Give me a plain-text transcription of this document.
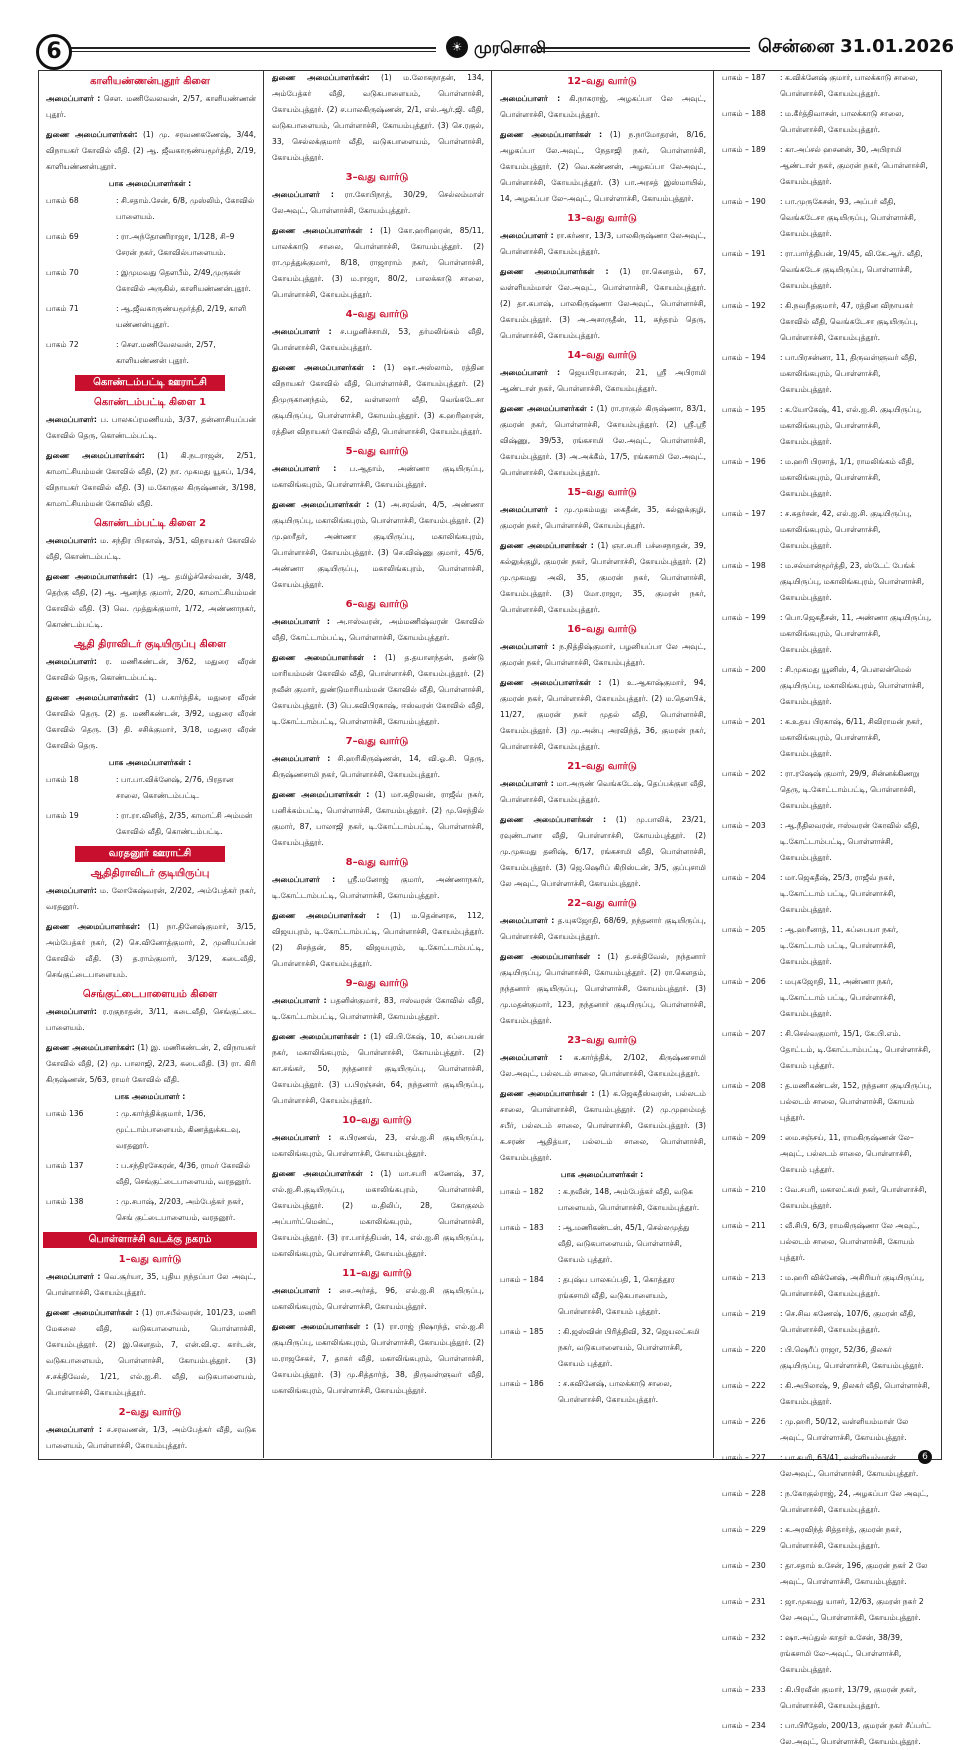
6	☀ முரசொலி	சென்னை 31.01.2026
காளியண்ணன்புதூர் கிளை

அமைப்பாளர் : சௌ. மணிவேலவன், 2/57, காளியண்ணன் புதூர்.

துணை அமைப்பாளர்கள்: (1) மு. சரவணகணேஷ், 3/44, விநாயகர் கோவில் வீதி. (2) ஆ. ஜீவகாருண்யமூர்த்தி, 2/19, காளியண்ணன்புதூர்.

பாக அமைப்பாளர்கள் :
பாகம் 68	: சி.சதாம்.சேன், 6/8, முஸ்லிம், கோவில் பாளையம்.
பாகம் 69	: ரா.அந்தோணிராஜா, 1/128, சி–9 சேரன் நகர், கோவில்பாளையம்.
பாகம் 70	: இமுமவது தௌபீம், 2/49,முருகன் கோவில் அருகில், காளியண்ணன்புதூர்.
பாகம் 71	: ஆ.ஜீவகாருண்யமூர்த்தி, 2/19, காளி யண்ணன்புதூர்.
பாகம் 72	: சௌ.மணிவேலவன், 2/57, காளியண்ணன் புதூர்.
கொண்டம்பட்டி ஊராட்சி
கொண்டம்பட்டி கிளை 1

அமைப்பாளர்: ப. பாலசுப்ரமணியம், 3/37, தன்னாசியப்பன் கோவில் தெரு, கொண்டம்பட்டி.

துணை அமைப்பாளர்கள்: (1) கி.நடராஜன், 2/51, காமாட்சியம்மன் கோவில் வீதி, (2) நா. முகமது யூசுப், 1/34, விநாயகர் கோவில் வீதி. (3) ம.கோகுல கிருஷ்ணன், 3/198, காமாட்சியம்மன் கோவில் வீதி.

கொண்டம்பட்டி கிளை 2

அமைப்பாளர்: ம. சந்திர பிரகாஷ், 3/51, விநாயகர் கோவில் வீதி, கொண்டம்பட்டி.

துணை அமைப்பாளர்கள்: (1) ஆ. தமிழ்ச்செல்வன், 3/48, தெற்கு வீதி, (2) ஆ. ஆனந்த குமார், 2/20, காமாட்சியம்மன் கோவில் வீதி. (3) வெ. முத்துக்குமார், 1/72, அண்ணாநகர், கொண்டம்பட்டி.

ஆதி திராவிடர் குடியிருப்பு கிளை

அமைப்பாளர்: ர. மணிகண்டன், 3/62, மதுரை வீரன் கோவில் தெரு, கொண்டம்பட்டி.

துணை அமைப்பாளர்கள்: (1) ப.கார்த்திக், மதுரை வீரன் கோவில் தெரு. (2) த. மணிகண்டன், 3/92, மதுரை வீரன் கோவில் தெரு. (3) தி. சசிக்குமார், 3/18, மதுரை வீரன் கோவில் தெரு.

பாக அமைப்பாளர்கள் :
பாகம் 18	: பா.பா.விக்னேஷ், 2/76, பிரதான சாலை, கொண்டம்பட்டி.
பாகம் 19	: ரா.ரா.வினித், 2/35, காமாட்சி அம்மன் கோவில் வீதி, கொண்டம்பட்டி.
வரதனூர் ஊராட்சி
ஆதிதிராவிடர் குடியிருப்பு

அமைப்பாளர்: ம. லோகேஷ்வரன், 2/202, அம்பேத்கர் நகர், வரதனூர்.

துணை அமைப்பாளர்கள்: (1) நா.தினேஷ்குமார், 3/15, அம்பேத்கர் நகர், (2) செ.வினோத்குமார், 2, முனியப்பன் கோவில் வீதி. (3) த.ராம்குமார், 3/129, கடைவீதி, செங்குட்டைபாளையம்.

செங்குட்டைபாளையம் கிளை

அமைப்பாளர்: ர.ரகுநாதன், 3/11, கடைவீதி, செங்குட்டை பாளையம்.

துணை அமைப்பாளர்கள்: (1) இ. மணிகண்டன், 2, விநாயகர் கோவில் வீதி, (2) மு. பாலாஜி, 2/23, கடைவீதி. (3) ரா. கிரி கிருஷ்ணன், 5/63, ராமர் கோவில் வீதி.

பாக அமைப்பாளர் :
பாகம் 136	: மு.கார்த்திக்குமார், 1/36, மூட்டாம்பாளையம், கிணத்துக்கடவு, வரதனூர்.
பாகம் 137	: ப.சந்திரசேகரன், 4/36, ராமர் கோவில் வீதி, செங்குட்டைபாளையம், வரதனூர்.
பாகம் 138	: மு.சபாஷ், 2/203, அம்பேத்கர் நகர், செங் குட்டைபாளையம், வரதனூர்.
பொள்ளாச்சி வடக்கு நகரம்
1–வது வார்டு

அமைப்பாளர் : வெ.சூர்யா, 35, புதிய நந்தப்பா லே அவுட், பொள்ளாச்சி, கோயம்புத்தூர்.

துணை அமைப்பாளர்கள் : (1) ரா.சபீல்வரன், 101/23, மணி மேகலை வீதி, வடுகபாளையம், பொள்ளாச்சி, கோயம்புத்தூர். (2) இ.கௌதம், 7, என்.வி.ஏ. கார்டன், வடுகபாளையம், பொள்ளாச்சி, கோயம்புத்தூர். (3) ச.சக்திவேல், 1/21, எல்.ஐ.சி. வீதி, வடுகபாளையம், பொள்ளாச்சி, கோயம்புத்தூர்.

2–வது வார்டு

அமைப்பாளர் : ச.சரவணன், 1/3, அம்பேத்கர் வீதி, வடுக பாளையம், பொள்ளாச்சி, கோயம்புத்தூர்.

துணை அமைப்பாளர்கள்: (1) ம.லோகநாதன், 134, அம்பேத்கர் வீதி, வடுகபாளையம், பொள்ளாச்சி, கோயம்புத்தூர். (2) ச.பாலகிருஷ்ணன், 2/1, எல்.ஆர்.ஜி. வீதி, வடுகபாளையம், பொள்ளாச்சி, கோயம்புத்தூர். (3) செ.ரகுல், 33, செல்லக்குமார் வீதி, வடுகபாளையம், பொள்ளாச்சி, கோயம்புத்தூர்.

3–வது வார்டு

அமைப்பாளர் : ரா.கோபிநாத், 30/29, செல்லம்மாள் லேஅவுட், பொள்ளாச்சி, கோயம்புத்தூர்.

துணை அமைப்பாளர்கள் : (1) கோ.ஹரிஹரன், 85/11, பாலக்காடு சாலை, பொள்ளாச்சி, கோயம்புத்தூர். (2) ரா.முத்துக்குமார், 8/18, ராஜாராம் நகர், பொள்ளாச்சி, கோயம்புத்தூர். (3) ம.ராஜா, 80/2, பாலக்காடு சாலை, பொள்ளாச்சி, கோயம்புத்தூர்.

4–வது வார்டு

அமைப்பாளர் : ச.பழனிச்சாமி, 53, தர்மலிங்கம் வீதி, பொள்ளாச்சி, கோயம்புத்தூர்.

துணை அமைப்பாளர்கள் : (1) ஷா.அஸ்லாம், ரத்தின விநாயகர் கோவில் வீதி, பொள்ளாச்சி, கோயம்புத்தூர். (2) திமுருகானந்தம், 62, வள்ளலார் வீதி, வெங்கடேசா குடியிருப்பு, பொள்ளாச்சி, கோயம்புத்தூர். (3) க.ஹரிஹரன், ரத்தின விநாயகர் கோவில் வீதி, பொள்ளாச்சி, கோயம்புத்தூர்.

5–வது வார்டு

அமைப்பாளர் : ப.ஆதாம், அண்ணா குடியிருப்பு, மகாலிங்கபுரம், பொள்ளாச்சி, கோயம்புத்தூர்.

துணை அமைப்பாளர்கள் : (1) அ.சரவ்ன், 4/5, அண்ணா குடியிருப்பு, மகாலிங்கபுரம், பொள்ளாச்சி, கோயம்புத்தூர். (2) மு.ஹரீதர், அண்ணா குடியிருப்பு, மகாலிங்கபுரம், பொள்ளாச்சி, கோயம்புத்தூர். (3) செ.விஷ்ணு குமார், 45/6, அண்ணா குடியிருப்பு, மகாலிங்கபுரம், பொள்ளாச்சி, கோயம்புத்தூர்.

6–வது வார்டு

அமைப்பாளர் : அ.ஈஸ்வரன், அம்மணிஷ்வரன் கோவில் வீதி, கோட்டாம்பட்டி, பொள்ளாச்சி, கோயம்புத்தூர்.

துணை அமைப்பாளர்கள் : (1) த.தயாளந்தன், தண்டு மாரியம்மன் கோவில் வீதி, பொள்ளாச்சி, கோயம்புத்தூர். (2) நவீன் குமார், துண்டுமாரியம்மன் கோவில் வீதி, பொள்ளாச்சி, கோயம்புத்தூர். (3) பெ.கவிபிரகாஷ், ஈஸ்வரன் கோவில் வீதி, டி.கோட்டாம்பட்டி, பொள்ளாச்சி, கோயம்புத்தூர்.

7–வது வார்டு

அமைப்பாளர் : சி.ஹரிகிருஷ்ணன், 14, வி.ஓ.சி. தெரு, கிருஷ்ணசாமி நகர், பொள்ளாச்சி, கோயம்புத்தூர்.

துணை அமைப்பாளர்கள் : (1) மா.கதிரவன், ராஜீவ் நகர், பனிக்கம்பட்டி, பொள்ளாச்சி, கோயம்புத்தூர். (2) மு.செந்தில் குமார், 87, பாலாஜி நகர், டி.கோட்டாம்பட்டி, பொள்ளாச்சி, கோயம்புத்தூர்.

8–வது வார்டு

அமைப்பாளர் : ஸ்ரீ.மனோஜ் குமார், அண்ணாநகர், டி.கோட்டாம்பட்டி, பொள்ளாச்சி, கோயம்புத்தூர்.

துணை அமைப்பாளர்கள் : (1) ம.தென்னரசு, 112, விஜயபுரம், டி.கோட்டாம்பட்டி, பொள்ளாச்சி, கோயம்புத்தூர். (2) சிசந்தன், 85, விஜயபுரம், டி.கோட்டாம்பட்டி, பொள்ளாச்சி, கோயம்புத்தூர்.

9–வது வார்டு

அமைப்பாளர் : பதனின்குமார், 83, ஈஸ்வரன் கோவில் வீதி, டி.கோட்டாம்பட்டி, பொள்ளாச்சி, கோயம்புத்தூர்.

துணை அமைப்பாளர்கள் : (1) வி.பி.கேஷ், 10, சுப்பையன் நகர், மகாலிங்கபுரம், பொள்ளாச்சி, கோயம்புத்தூர். (2) கா.சங்கர், 50, நந்தனார் குடியிருப்பு, பொள்ளாச்சி, கோயம்புத்தூர். (3) ப.பிரஞ்சன், 64, நந்தனார் குடியிருப்பு, பொள்ளாச்சி, கோயம்புத்தூர்.

10–வது வார்டு

அமைப்பாளர் : க.பிரணவ், 23, எல்.ஐ.சி குடியிருப்பு, மகாலிங்கபுரம், பொள்ளாச்சி, கோயம்புத்தூர்.

துணை அமைப்பாளர்கள் : (1) மா.சபரி கணேஷ், 37, எல்.ஐ.சி.குடியிருப்பு, மகாலிங்கபுரம், பொள்ளாச்சி, கோயம்புத்தூர். (2) ம.திலிப், 28, கோகுலம் அப்பார்ட்மென்ட், மகாலிங்கபுரம், பொள்ளாச்சி, கோயம்புத்தூர். (3) ரா.பார்த்திபன், 14, எல்.ஐ.சி குடியிருப்பு, மகாலிங்கபுரம், பொள்ளாச்சி, கோயம்புத்தூர்.

11–வது வார்டு

அமைப்பாளர் : சை.அர்சத், 96, எல்.ஐ.சி குடியிருப்பு, மகாலிங்கபுரம், பொள்ளாச்சி, கோயம்புத்தூர்.

துணை அமைப்பாளர்கள் : (1) ரா.ராஜ் நிஷாந்த், எல்.ஐ.சி குடியிருப்பு, மகாலிங்கபுரம், பொள்ளாச்சி, கோயம்புத்தூர். (2) ம.ராஜசேகர், 7, தாசுர் வீதி, மகாலிங்கபுரம், பொள்ளாச்சி, கோயம்புத்தூர். (3) மு.சித்தார்த், 38, திருவள்ளுவர் வீதி, மகாலிங்கபுரம், பொள்ளாச்சி, கோயம்புத்தூர்.

12–வது வார்டு

அமைப்பாளர் : கி.நாகராஜ், அழகப்பா லே அவுட், பொள்ளாச்சி, கோயம்புத்தூர்.

துணை அமைப்பாளர்கள் : (1) ந.நாமோதரன், 8/16, அழகப்பா லே.அவுட், நேதாஜி நகர், பொள்ளாச்சி, கோயம்புத்தூர். (2) வெ.கண்ணன், அழகப்பா லேஅவுட், பொள்ளாச்சி, கோயம்புத்தூர். (3) பா.அரசத் இஸ்மாயில், 14, அழகப்பா லே–அவுட், பொள்ளாச்சி, கோயம்புத்தூர்.

13–வது வார்டு

அமைப்பாளர் : ரா.கர்ணா, 13/3, பாலகிருஷ்ணா லேஅவுட், பொள்ளாச்சி, கோயம்புத்தூர்.

துணை அமைப்பாளர்கள் : (1) ரா.கௌதம், 67, வள்ளியம்மாள் லே.அவுட், பொள்ளாச்சி, கோயம்புத்தூர். (2) தா.கபாஷ், பாலகிருஷ்ணா லேஅவுட், பொள்ளாச்சி, கோயம்புத்தூர். (3) அ.அசாருதீன், 11, சுந்தரம் தெரு, பொள்ளாச்சி, கோயம்புத்தூர்.

14–வது வார்டு

அமைப்பாளர் : ஜெயபிரபாகரன், 21, ஸ்ரீ அபிராமி ஆண்டாள் நகர், பொள்ளாச்சி, கோயம்புத்தூர்.

துணை அமைப்பாளர்கள் : (1) ரா.ராகுல் கிருஷ்ணா, 83/1, குமரன் நகர், பொள்ளாச்சி, கோயம்புத்தூர். (2) ஸ்ரீ.ஸ்ரீ விஷ்ணு, 39/53, ரங்கசாமி லே.அவுட், பொள்ளாச்சி, கோயம்புத்தூர். (3) அ.அக்கீம், 17/5, ரங்கசாமி லே.அவுட், பொள்ளாச்சி, கோயம்புத்தூர்.

15–வது வார்டு

அமைப்பாளர் : மு.முகம்மது கைதீன், 35, கல்லுக்குழி, குமரன் நகர், பொள்ளாச்சி, கோயம்புத்தூர்.

துணை அமைப்பாளர்கள் : (1) ஞா.சபரி பச்சைநாதன், 39, கல்லுக்குழி, குமரன் நகர், பொள்ளாச்சி, கோயம்புத்தூர். (2) மு.முகமது அலி, 35, குமரன் நகர், பொள்ளாச்சி, கோயம்புத்தூர். (3) மோ.ராஜா, 35, குமரன் நகர், பொள்ளாச்சி, கோயம்புத்தூர்.

16–வது வார்டு

அமைப்பாளர் : ந.நித்திஷ்குமார், பழனியப்பா லே அவுட், குமரன் நகர், பொள்ளாச்சி, கோயம்புத்தூர்.

துணை அமைப்பாளர்கள் : (1) உ.ஆகாஷ்குமார், 94, குமரன் நகர், பொள்ளாச்சி, கோயம்புத்தூர். (2) ம.தெளபிக், 11/27, குமரன் நகர் முதல் வீதி, பொள்ளாச்சி, கோயம்புத்தூர். (3) மு.அன்பு அரவிந்த், 36, குமரன் நகர், பொள்ளாச்சி, கோயம்புத்தூர்.

21–வது வார்டு

அமைப்பாளர் : மா.அருண் வெங்கடேஷ், தெப்பக்குள வீதி, பொள்ளாச்சி, கோயம்புத்தூர்.

துணை அமைப்பாளர்கள் : (1) மு.பாலிக், 23/21, ரவுண்டானா வீதி, பொள்ளாச்சி, கோயம்புத்தூர். (2) மு.முகமது தனிஷ், 6/17, ரங்கசாமி வீதி, பொள்ளாச்சி, கோயம்புத்தூர். (3) ஜெ.ஷெரிப் கிறிஸ்டன், 3/5, குப்புசாமி லே அவுட், பொள்ளாச்சி, கோயம்புத்தூர்.

22–வது வார்டு

அமைப்பாளர் : த.யுகஜோதி, 68/69, நந்தனார் குடியிருப்பு, பொள்ளாச்சி, கோயம்புத்தூர்.

துணை அமைப்பாளர்கள் : (1) த.சக்திவேல், நந்தனார் குடியிருப்பு, பொள்ளாச்சி, கோயம்புத்தூர். (2) ரா.கௌதம், நந்தனார் குடியிருப்பு, பொள்ளாச்சி, கோயம்புத்தூர். (3) மு.மதன்குமார், 123, நந்தனார் குடியிருப்பு, பொள்ளாச்சி, கோயம்புத்தூர்.

23–வது வார்டு

அமைப்பாளர் : க.கார்த்திக், 2/102, கிருஷ்ணசாமி லே.அவுட், பல்லடம் சாலை, பொள்ளாச்சி, கோயம்புத்தூர்.

துணை அமைப்பாளர்கள் : (1) க.ஜெகதீஸ்வரன், பல்லடம் சாலை, பொள்ளாச்சி, கோயம்புத்தூர். (2) மு.முஹம்மத் சபீர், பல்லடம் சாலை, பொள்ளாச்சி, கோயம்புத்தூர். (3) க.சரண் ஆதித்யா, பல்லடம் சாலை, பொள்ளாச்சி, கோயம்புத்தூர்.

பாக அமைப்பாளர்கள் :
பாகம் – 182	: க.நவீன், 148, அம்பேத்கர் வீதி, வடுக பாளையம், பொள்ளாச்சி, கோயம்புத்தூர்.
பாகம் – 183	: ஆ.மணிகண்டன், 45/1, செல்லமுத்து வீதி, வடுகபாளையம், பொள்ளாச்சி, கோயம் புத்தூர்.
பாகம் – 184	: தபுஷ்ப பாலசுப்பதி, 1, கொத்தூர ரங்கசாமி வீதி, வடுகபாளையம், பொள்ளாச்சி, கோயம் புத்தூர்.
பாகம் – 185	: கி.ஜஸ்வின் பிரித்திவி, 32, ஜெயலட்சுமி நகர், வடுகபாளையம், பொள்ளாச்சி, கோயம் புத்தூர்.
பாகம் – 186	: ச.கவினேஷ், பாலக்காடு சாலை, பொள்ளாச்சி, கோயம்புத்தூர்.
பாகம் – 187	: க.விக்னேஷ் குமார், பாலக்காடு சாலை, பொள்ளாச்சி, கோயம்புத்தூர்.
பாகம் – 188	: ம.கீர்த்திவாசன், பாலக்காடு சாலை, பொள்ளாச்சி, கோயம்புத்தூர்.
பாகம் – 189	: கா.அப்சல் ஹசனன், 30, அபிராமி ஆண்டாள் நகர், குமரன் நகர், பொள்ளாச்சி, கோயம்புத்தூர்.
பாகம் – 190	: பா.முருகேசன், 93, அப்பர் வீதி, வெங்கடேசா குடியிருப்பு, பொள்ளாச்சி, கோயம்புத்தூர்.
பாகம் – 191	: ரா.பார்த்திபன், 19/45, வி.கே.ஆர். வீதி, வெங்கடேச குடியிருப்பு, பொள்ளாச்சி, கோயம்புத்தூர்.
பாகம் – 192	: கி.நவநீதகுமார், 47, ரத்தின விநாயகர் கோவில் வீதி, வெங்கடேசா குடியிருப்பு, பொள்ளாச்சி, கோயம்புத்தூர்.
பாகம் – 194	: பா.பிரசன்னா, 11, திருவள்ளுவர் வீதி, மகாலிங்கபுரம், பொள்ளாச்சி, கோயம்புத்தூர்.
பாகம் – 195	: க.யோகேஷ், 41, எல்.ஐ.சி. குடியிருப்பு, மகாலிங்கபுரம், பொள்ளாச்சி, கோயம்புத்தூர்.
பாகம் – 196	: ம.ஹரி பிரசாத், 1/1, ராமலிங்கம் வீதி, மகாலிங்கபுரம், பொள்ளாச்சி, கோயம்புத்தூர்.
பாகம் – 197	: ச.சுதர்சன், 42, எல்.ஐ.சி. குடியிருப்பு, மகாலிங்கபுரம், பொள்ளாச்சி, கோயம்புத்தூர்.
பாகம் – 198	: ம.சல்மான்மூர்த்தி, 23, ஸ்டேட் பேங்க் குடியிருப்பு, மகாலிங்கபுரம், பொள்ளாச்சி, கோயம்புத்தூர்.
பாகம் – 199	: பொ.ஜெகதீசன், 11, அண்ணா குடியிருப்பு, மகாலிங்கபுரம், பொள்ளாச்சி, கோயம்புத்தூர்.
பாகம் – 200	: சி.முகமது யூனிஸ், 4, பௌலன்மெல் குடியிருப்பு, மகாலிங்கபுரம், பொள்ளாச்சி, கோயம்புத்தூர்.
பாகம் – 201	: க.உதய பிரகாஷ், 6/11, சிவிராமன் நகர், மகாலிங்கபுரம், பொள்ளாச்சி, கோயம்புத்தூர்.
பாகம் – 202	: ரா.ரஷேஷ் குமார், 29/9, சின்னக்கிணறு தெரு, டி.கோட்டாம்பட்டி, பொள்ளாச்சி, கோயம்புத்தூர்.
பாகம் – 203	: ஆ.நீதிலவரன், ஈஸ்வரன் கோவில் வீதி, டி.கோட்டாம்பட்டி, பொள்ளாச்சி, கோயம்புத்தூர்.
பாகம் – 204	: மா.ஜெகதீஷ், 25/3, ராஜீவ் நகர், டி.கோட்டாம் பட்டி, பொள்ளாச்சி, கோயம்புத்தூர்.
பாகம் – 205	: ஆ.ஹரீனாத், 11, சுப்பையா நகர், டி.கோட்டாம் பட்டி, பொள்ளாச்சி, கோயம்புத்தூர்.
பாகம் – 206	: மபுகஜோதி, 11, அண்ணா நகர், டி.கோட்டாம் பட்டி, பொள்ளாச்சி, கோயம்புத்தூர்.
பாகம் – 207	: சி.செல்வகுமார், 15/1, கே.பி.எம். தோட்டம், டி.கோட்டாம்பட்டி, பொள்ளாச்சி, கோயம் புத்தூர்.
பாகம் – 208	: த.மணிகண்டன், 152, நந்தனா குடியிருப்பு, பல்லடம் சாலை, பொள்ளாச்சி, கோயம் புத்தூர்.
பாகம் – 209	: மை.சஞ்சய், 11, ராமகிருஷ்ணன் லே–அவுட், பல்லடம் சாலை, பொள்ளாச்சி, கோயம் புத்தூர்.
பாகம் – 210	: வே.சபரி, மகாலட்சுமி நகர், பொள்ளாச்சி, கோயம்புத்தூர்.
பாகம் – 211	: வீ.சிபி, 6/3, ராமகிருஷ்ணா லே அவுட், பல்லடம் சாலை, பொள்ளாச்சி, கோயம் புத்தூர்.
பாகம் – 213	: ம.ஹரி விக்னேஷ், அசிரியர் குடியிருப்பு, பொள்ளாச்சி, கோயம்புத்தூர்.
பாகம் – 219	: செ.சிவ கணேஷ், 107/6, குமரன் வீதி, பொள்ளாச்சி, கோயம்புத்தூர்.
பாகம் – 220	: பி.ஷெரீப் ராஜா, 52/36, திலகர் குடியிருப்பு, பொள்ளாச்சி, கோயம்புத்தூர்.
பாகம் – 222	: கி.அபிலாஷ், 9, திலகர் வீதி, பொள்ளாச்சி, கோயம்புத்தூர்.
பாகம் – 226	: மு.ஹரி, 50/12, வள்ளியம்மாள் லே அவுட், பொள்ளாச்சி, கோயம்புத்தூர்.
பாகம் – 227	: பா.சபரி, 63/41, வள்ளியம்மாள் லேஅவுட், பொள்ளாச்சி, கோயம்புத்தூர்.
பாகம் – 228	: ந.கோகுல்ராஜ், 24, அழகப்பா லே அவுட், பொள்ளாச்சி, கோயம்புத்தூர்.
பாகம் – 229	: க.அரவிந்த் சித்தார்த், குமரன் நகர், பொள்ளாச்சி, கோயம்புத்தூர்.
பாகம் – 230	: தா.சதாம் உசேன், 196, குமரன் நகர் 2 லே அவுட், பொள்ளாச்சி, கோயம்புத்தூர்.
பாகம் – 231	: ஜா.முகமது யாசர், 12/63, குமரன் நகர் 2 லே அவுட், பொள்ளாச்சி, கோயம்புத்தூர்.
பாகம் – 232	: ஷா.அப்துல் காதர் உசேன், 38/39, ரங்கசாமி லே–அவுட், பொள்ளாச்சி, கோயம்புத்தூர்.
பாகம் – 233	: கி.பிரவீன் குமார், 13/79, குமரன் நகர், பொள்ளாச்சி, கோயம்புத்தூர்.
பாகம் – 234	: பா.பிரீதேஸ், 200/13, குமரன் நகர் சீப்பர்ட் லே.அவுட், பொள்ளாச்சி, கோயம்புத்தூர்.
6
